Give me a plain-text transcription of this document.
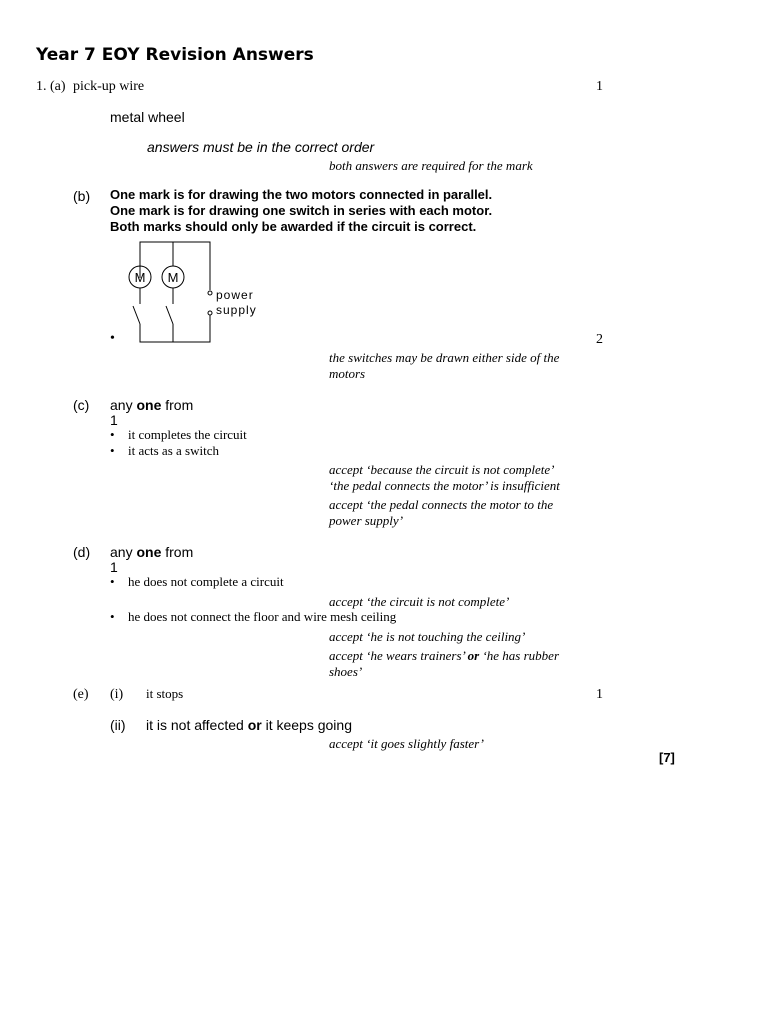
Year 7 EOY Revision Answers
1. (a) pick-up wire	1
metal wheel
answers must be in the correct order
both answers are required for the mark
(b) One mark is for drawing the two motors connected in parallel.
One mark is for drawing one switch in series with each motor.
Both marks should only be awarded if the circuit is correct.
M M
power
supply
•	2
the switches may be drawn either side of the
motors
(c) any one from
1
• it completes the circuit
• it acts as a switch
accept ‘because the circuit is not complete’
‘the pedal connects the motor’ is insufficient
accept ‘the pedal connects the motor to the
power supply’
(d) any one from
1
• he does not complete a circuit
accept ‘the circuit is not complete’
• he does not connect the floor and wire mesh ceiling
accept ‘he is not touching the ceiling’
accept ‘he wears trainers’ or ‘he has rubber
shoes’
(e) (i) it stops	1
(ii) it is not affected or it keeps going
accept ‘it goes slightly faster’
[7]
